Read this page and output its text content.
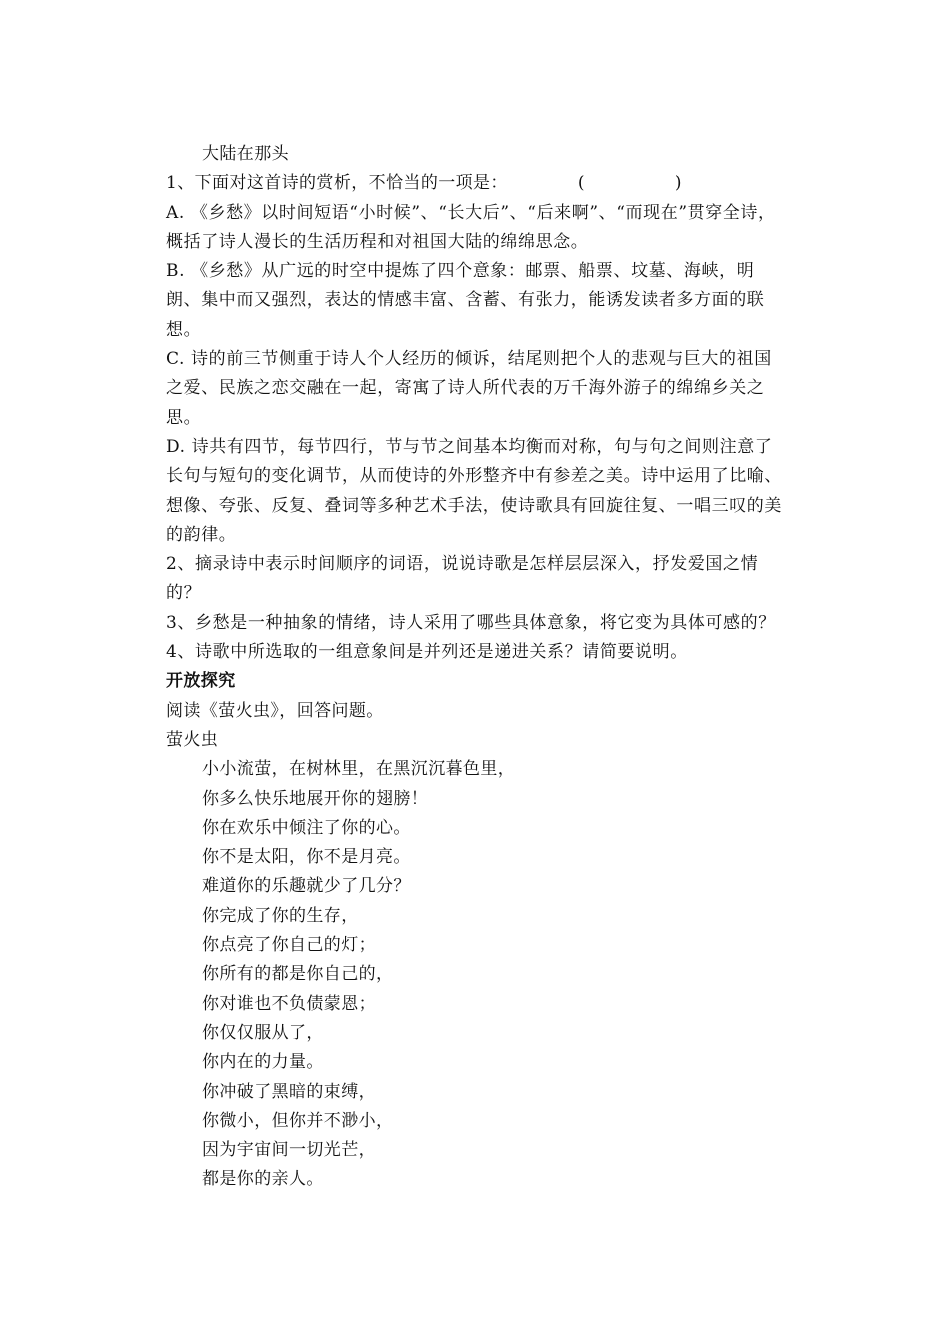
大陆在那头
1、下面对这首诗的赏析，不恰当的一项是：	(	)
A. 《乡愁》以时间短语“小时候”、“长大后”、“后来啊”、“而现在”贯穿全诗，概括了诗人漫长的生活历程和对祖国大陆的绵绵思念。
B. 《乡愁》从广远的时空中提炼了四个意象：邮票、船票、坟墓、海峡，明朗、集中而又强烈，表达的情感丰富、含蓄、有张力，能诱发读者多方面的联想。
C. 诗的前三节侧重于诗人个人经历的倾诉，结尾则把个人的悲观与巨大的祖国之爱、民族之恋交融在一起，寄寓了诗人所代表的万千海外游子的绵绵乡关之思。
D. 诗共有四节，每节四行，节与节之间基本均衡而对称，句与句之间则注意了长句与短句的变化调节，从而使诗的外形整齐中有参差之美。诗中运用了比喻、想像、夸张、反复、叠词等多种艺术手法，使诗歌具有回旋往复、一唱三叹的美的韵律。
2、摘录诗中表示时间顺序的词语，说说诗歌是怎样层层深入，抒发爱国之情的？
3、乡愁是一种抽象的情绪，诗人采用了哪些具体意象，将它变为具体可感的？
4、诗歌中所选取的一组意象间是并列还是递进关系？请简要说明。
开放探究
阅读《萤火虫》，回答问题。
萤火虫
小小流萤，在树林里，在黑沉沉暮色里，
你多么快乐地展开你的翅膀！
你在欢乐中倾注了你的心。
你不是太阳，你不是月亮。
难道你的乐趣就少了几分？
你完成了你的生存，
你点亮了你自己的灯；
你所有的都是你自己的，
你对谁也不负债蒙恩；
你仅仅服从了，
你内在的力量。
你冲破了黑暗的束缚，
你微小，但你并不渺小，
因为宇宙间一切光芒，
都是你的亲人。
